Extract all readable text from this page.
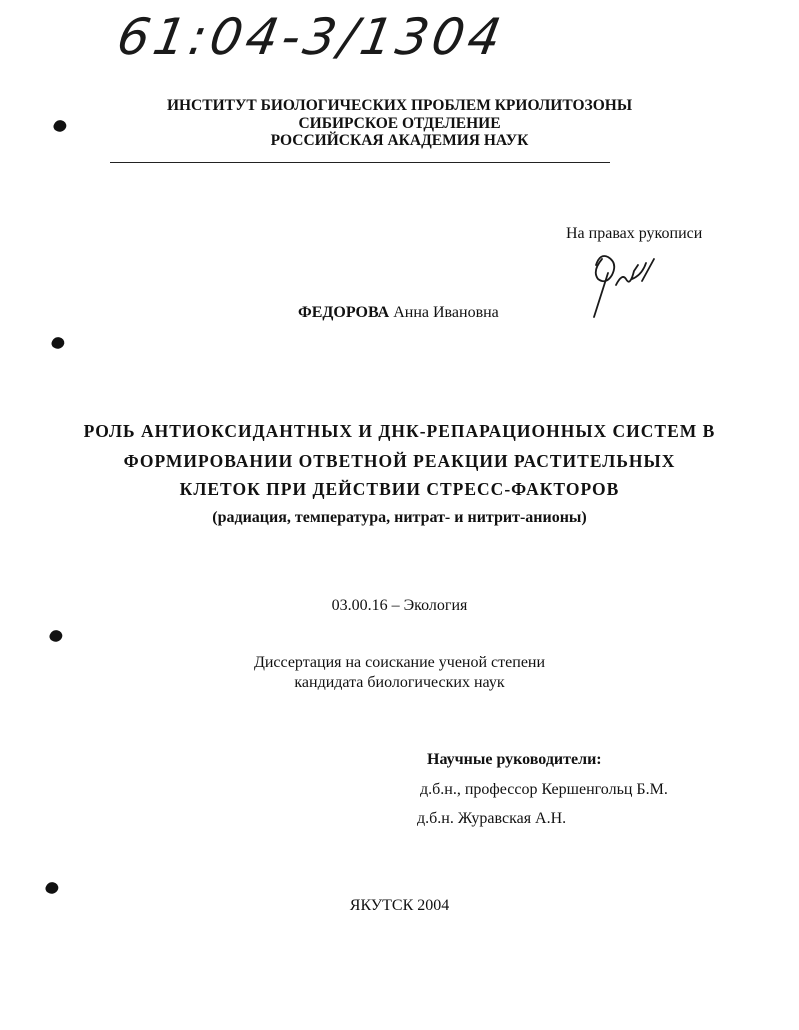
61:04-3/1304
ИНСТИТУТ БИОЛОГИЧЕСКИХ ПРОБЛЕМ КРИОЛИТОЗОНЫ
СИБИРСКОЕ ОТДЕЛЕНИЕ
РОССИЙСКАЯ АКАДЕМИЯ НАУК
На правах рукописи
ФЕДОРОВА Анна Ивановна
РОЛЬ АНТИОКСИДАНТНЫХ И ДНК-РЕПАРАЦИОННЫХ СИСТЕМ В
ФОРМИРОВАНИИ ОТВЕТНОЙ РЕАКЦИИ РАСТИТЕЛЬНЫХ
КЛЕТОК ПРИ ДЕЙСТВИИ СТРЕСС-ФАКТОРОВ
(радиация, температура, нитрат- и нитрит-анионы)
03.00.16 – Экология
Диссертация на соискание ученой степени
кандидата биологических наук
Научные руководители:
д.б.н., профессор Кершенгольц Б.М.
д.б.н. Журавская А.Н.
ЯКУТСК 2004
